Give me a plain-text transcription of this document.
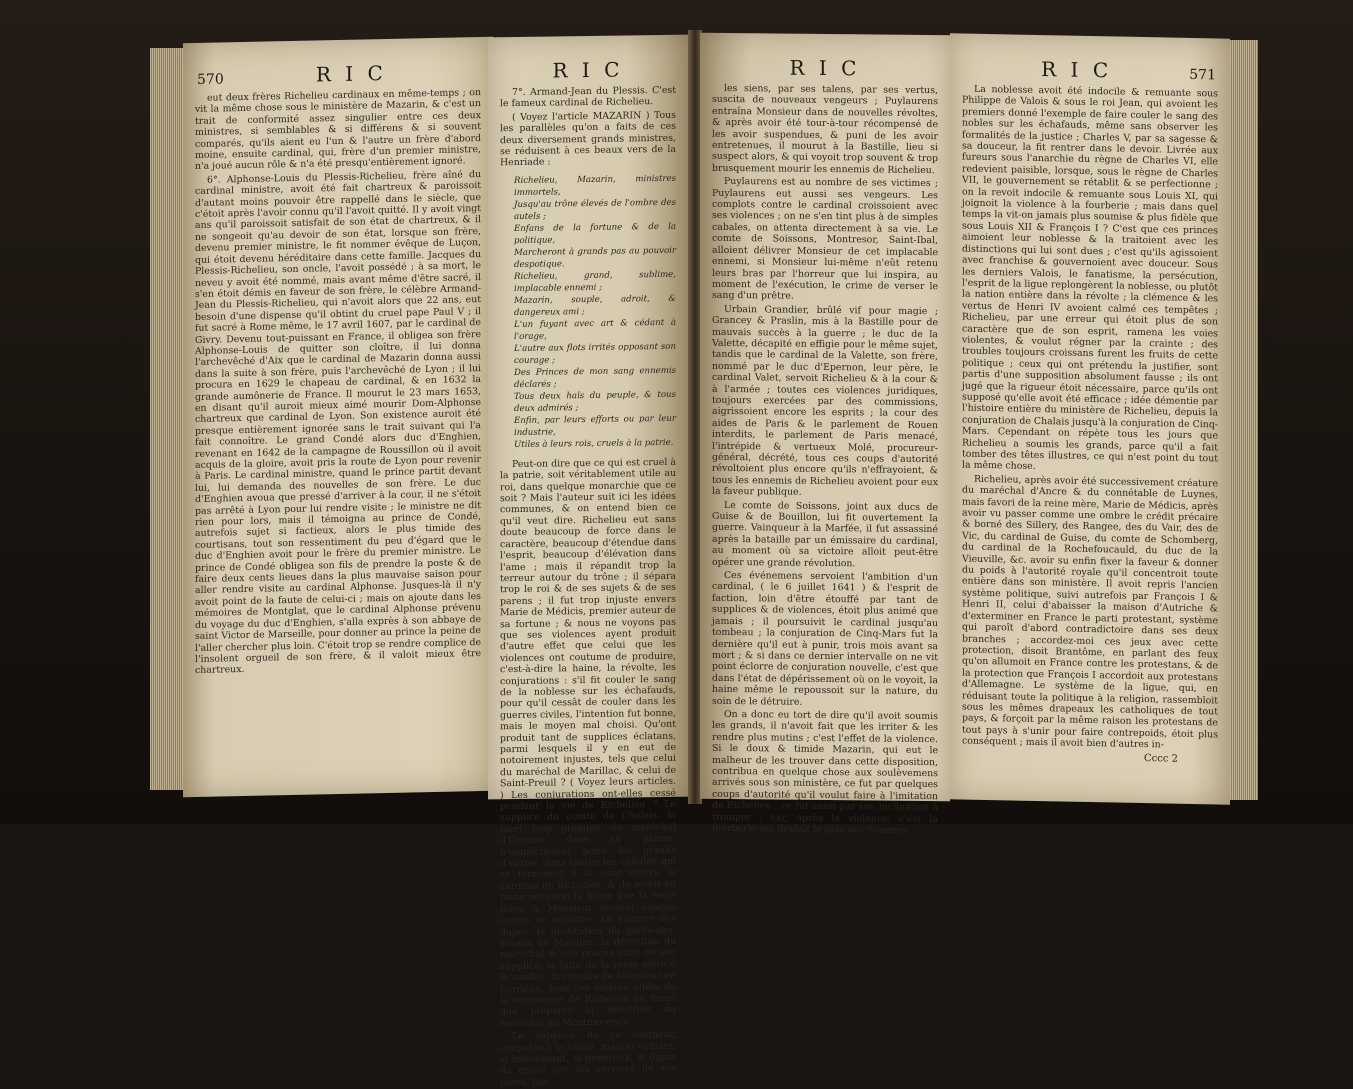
570	R I C

eut deux frères Richelieu cardinaux en même-temps ; on vit la même chose sous le ministère de Mazarin, & c'est un trait de conformité assez singulier entre ces deux ministres, si semblables & si différens & si souvent comparés, qu'ils aient eu l'un & l'autre un frère d'abord moine, ensuite cardinal, qui, frère d'un premier ministre, n'a joué aucun rôle & n'a été presqu'entièrement ignoré.

6°. Alphonse-Louis du Plessis-Richelieu, frère aîné du cardinal ministre, avoit été fait chartreux & paroissoit d'autant moins pouvoir être rappellé dans le siècle, que c'étoit après l'avoir connu qu'il l'avoit quitté. Il y avoit vingt ans qu'il paroissoit satisfait de son état de chartreux, & il ne songeoit qu'au devoir de son état, lorsque son frère, devenu premier ministre, le fit nommer évêque de Luçon, qui étoit devenu héréditaire dans cette famille. Jacques du Plessis-Richelieu, son oncle, l'avoit possédé ; à sa mort, le neveu y avoit été nommé, mais avant même d'être sacré, il s'en étoit démis en faveur de son frère, le célèbre Armand-Jean du Plessis-Richelieu, qui n'avoit alors que 22 ans, eut besoin d'une dispense qu'il obtint du cruel pape Paul V ; il fut sacré à Rome même, le 17 avril 1607, par le cardinal de Givry. Devenu tout-puissant en France, il obligea son frère Alphonse-Louis de quitter son cloître, il lui donna l'archevêché d'Aix que le cardinal de Mazarin donna aussi dans la suite à son frère, puis l'archevêché de Lyon ; il lui procura en 1629 le chapeau de cardinal, & en 1632 la grande aumônerie de France. Il mourut le 23 mars 1653, en disant qu'il auroit mieux aimé mourir Dom-Alphonse chartreux que cardinal de Lyon. Son existence auroit été presque entièrement ignorée sans le trait suivant qui l'a fait connoître. Le grand Condé alors duc d'Enghien, revenant en 1642 de la campagne de Roussillon où il avoit acquis de la gloire, avoit pris la route de Lyon pour revenir à Paris. Le cardinal ministre, quand le prince partit devant lui, lui demanda des nouvelles de son frère. Le duc d'Enghien avoua que pressé d'arriver à la cour, il ne s'étoit pas arrêté à Lyon pour lui rendre visite ; le ministre ne dit rien pour lors, mais il témoigna au prince de Condé, autrefois sujet si factieux, alors le plus timide des courtisans, tout son ressentiment du peu d'égard que le duc d'Enghien avoit pour le frère du premier ministre. Le prince de Condé obligea son fils de prendre la poste & de faire deux cents lieues dans la plus mauvaise saison pour aller rendre visite au cardinal Alphonse. Jusques-là il n'y avoit point de la faute de celui-ci ; mais on ajoute dans les mémoires de Montglat, que le cardinal Alphonse prévenu du voyage du duc d'Enghien, s'alla exprès à son abbaye de saint Victor de Marseille, pour donner au prince la peine de l'aller chercher plus loin. C'étoit trop se rendre complice de l'insolent orgueil de son frère, & il valoit mieux être chartreux.

R I C

7°. Armand-Jean du Plessis. C'est le fameux cardinal de Richelieu.

( Voyez l'article MAZARIN ) Tous les parallèles qu'on a faits de ces deux diversement grands ministres, se réduisent à ces beaux vers de la Henriade :

Richelieu, Mazarin, ministres immortels,
Jusqu'au trône élevés de l'ombre des autels ;
Enfans de la fortune & de la politique,
Marcheront à grands pas au pouvoir despotique.
Richelieu, grand, sublime, implacable ennemi ;
Mazarin, souple, adroit, & dangereux ami ;
L'un fuyant avec art & cédant à l'orage,
L'autre aux flots irrités opposant son courage ;
Des Princes de mon sang ennemis déclarés ;
Tous deux haïs du peuple, & tous deux admirés ;
Enfin, par leurs efforts ou par leur industrie,
Utiles à leurs rois, cruels à la patrie.

Peut-on dire que ce qui est cruel à la patrie, soit véritablement utile au roi, dans quelque monarchie que ce soit ? Mais l'auteur suit ici les idées communes, & on entend bien ce qu'il veut dire. Richelieu eut sans doute beaucoup de force dans le caractère, beaucoup d'étendue dans l'esprit, beaucoup d'élévation dans l'ame ; mais il répandit trop la terreur autour du trône ; il sépara trop le roi & de ses sujets & de ses parens ; il fut trop injuste envers Marie de Médicis, premier auteur de sa fortune ; & nous ne voyons pas que ses violences ayent produit d'autre effet que celui que les violences ont coutume de produire, c'est-à-dire la haine, la révolte, les conjurations : s'il fit couler le sang de la noblesse sur les échafauds, pour qu'il cessât de couler dans les guerres civiles, l'intention fut bonne, mais le moyen mal choisi. Qu'ont produit tant de supplices éclatans, parmi lesquels il y en eut de notoirement injustes, tels que celui du maréchal de Marillac, & celui de Saint-Preuil ? ( Voyez leurs articles. ) Les conjurations ont-elles cessé pendant la vie de Richelieu ? Le supplice du comte de Chalais, la mort trop prompte du maréchal d'Ornano dans sa prison, n'empêchèrent point les grands d'entrer dans toutes les cabales qui se formoient à la cour contre le cardinal de Richelieu, & de servir en toute occasion la haine que la reine mère & Monsieur avoient conçue contre ce ministre. La journée des dupes, la destitution du garde-des-sceaux de Marillac, la détention du maréchal & son procès suivi de son supplice, la fuite de la reine mère à Bruxelles, la retraite de Monsieur en Lorraine, tous ces violens effets de la vengeance de Richelieu ne firent que préparer la défection du maréchal de Montmorency.

Le supplice de ce seigneur, coupable à la vérité, mais si vaillant, si intéressant, si généreux, si digne de grace par les services de ses pères, par

R I C

les siens, par ses talens, par ses vertus, suscita de nouveaux vengeurs ; Puylaurens entraîna Monsieur dans de nouvelles révoltes, & après avoir été tour-à-tour récompensé de les avoir suspendues, & puni de les avoir entretenues, il mourut à la Bastille, lieu si suspect alors, & qui voyoit trop souvent & trop brusquement mourir les ennemis de Richelieu.

Puylaurens est au nombre de ses victimes ; Puylaurens eut aussi ses vengeurs. Les complots contre le cardinal croissoient avec ses violences ; on ne s'en tint plus à de simples cabales, on attenta directement à sa vie. Le comte de Soissons, Montresor, Saint-Ibal, alloient délivrer Monsieur de cet implacable ennemi, si Monsieur lui-même n'eût retenu leurs bras par l'horreur que lui inspira, au moment de l'exécution, le crime de verser le sang d'un prêtre.

Urbain Grandier, brûlé vif pour magie ; Grancey & Praslin, mis à la Bastille pour de mauvais succès à la guerre ; le duc de la Valette, décapité en effigie pour le même sujet, tandis que le cardinal de la Valette, son frère, nommé par le duc d'Epernon, leur père, le cardinal Valet, servoit Richelieu & à la cour & à l'armée ; toutes ces violences juridiques, toujours exercées par des commissions, aigrissoient encore les esprits ; la cour des aides de Paris & le parlement de Rouen interdits, le parlement de Paris menacé, l'intrépide & vertueux Molé, procureur-général, décrété, tous ces coups d'autorité révoltoient plus encore qu'ils n'effrayoient, & tous les ennemis de Richelieu avoient pour eux la faveur publique.

Le comte de Soissons, joint aux ducs de Guise & de Bouillon, lui fit ouvertement la guerre. Vainqueur à la Marfée, il fut assassiné après la bataille par un émissaire du cardinal, au moment où sa victoire alloit peut-être opérer une grande révolution.

Ces événemens servoient l'ambition d'un cardinal, ( le 6 juillet 1641 ) & l'esprit de faction, loin d'être étouffé par tant de supplices & de violences, étoit plus animé que jamais ; il poursuivit le cardinal jusqu'au tombeau ; la conjuration de Cinq-Mars fut la dernière qu'il eut à punir, trois mois avant sa mort ; & si dans ce dernier intervalle on ne vit point éclorre de conjuration nouvelle, c'est que dans l'état de dépérissement où on le voyoit, la haine même le repoussoit sur la nature, du soin de le détruire.

On a donc eu tort de dire qu'il avoit soumis les grands, il n'avoit fait que les irriter & les rendre plus mutins ; c'est l'effet de la violence. Si le doux & timide Mazarin, qui eut le malheur de les trouver dans cette disposition, contribua en quelque chose aux soulèvemens arrivés sous son ministère, ce fut par quelques coups d'autorité qu'il voulut faire à l'imitation de Richelieu ; ce fut aussi par son inclination à tromper ; car, après la violence, c'est la fourberie qui déplaît le plus aux hommes.

R I C	571

La noblesse avoit été indocile & remuante sous Philippe de Valois & sous le roi Jean, qui avoient les premiers donné l'exemple de faire couler le sang des nobles sur les échafauds, même sans observer les formalités de la justice ; Charles V, par sa sagesse & sa douceur, la fit rentrer dans le devoir. Livrée aux fureurs sous l'anarchie du règne de Charles VI, elle redevient paisible, lorsque, sous le règne de Charles VII, le gouvernement se rétablit & se perfectionne ; on la revoit indocile & remuante sous Louis XI, qui joignoit la violence à la fourberie ; mais dans quel temps la vit-on jamais plus soumise & plus fidèle que sous Louis XII & François I ? C'est que ces princes aimoient leur noblesse & la traitoient avec les distinctions qui lui sont dues ; c'est qu'ils agissoient avec franchise & gouvernoient avec douceur. Sous les derniers Valois, le fanatisme, la persécution, l'esprit de la ligue replongèrent la noblesse, ou plutôt la nation entière dans la révolte ; la clémence & les vertus de Henri IV avoient calmé ces tempêtes ; Richelieu, par une erreur qui étoit plus de son caractère que de son esprit, ramena les voies violentes, & voulut régner par la crainte ; des troubles toujours croissans furent les fruits de cette politique ; ceux qui ont prétendu la justifier, sont partis d'une supposition absolument fausse ; ils ont jugé que la rigueur étoit nécessaire, parce qu'ils ont supposé qu'elle avoit été efficace ; idée démentie par l'histoire entière du ministère de Richelieu, depuis la conjuration de Chalais jusqu'à la conjuration de Cinq-Mars. Cependant on répète tous les jours que Richelieu a soumis les grands, parce qu'il a fait tomber des têtes illustres, ce qui n'est point du tout la même chose.

Richelieu, après avoir été successivement créature du maréchal d'Ancre & du connétable de Luynes, mais favori de la reine mère, Marie de Médicis, après avoir vu passer comme une ombre le crédit précaire & borné des Sillery, des Rangee, des du Vair, des de Vic, du cardinal de Guise, du comte de Schomberg, du cardinal de la Rochefoucauld, du duc de la Vieuville, &c. avoir su enfin fixer la faveur & donner du poids à l'autorité royale qu'il concentroit toute entière dans son ministère. Il avoit repris l'ancien système politique, suivi autrefois par François I & Henri II, celui d'abaisser la maison d'Autriche & d'exterminer en France le parti protestant, système qui paroît d'abord contradictoire dans ses deux branches ; accordez-moi ces jeux avec cette protection, disoit Brantôme, en parlant des feux qu'on allumoit en France contre les protestans, & de la protection que François I accordoit aux protestans d'Allemagne. Le système de la ligue, qui, en réduisant toute la politique à la religion, rassembloit sous les mêmes drapeaux les catholiques de tout pays, & forçoit par la même raison les protestans de tout pays à s'unir pour faire contrepoids, étoit plus conséquent ; mais il avoit bien d'autres in-

Cccc 2
